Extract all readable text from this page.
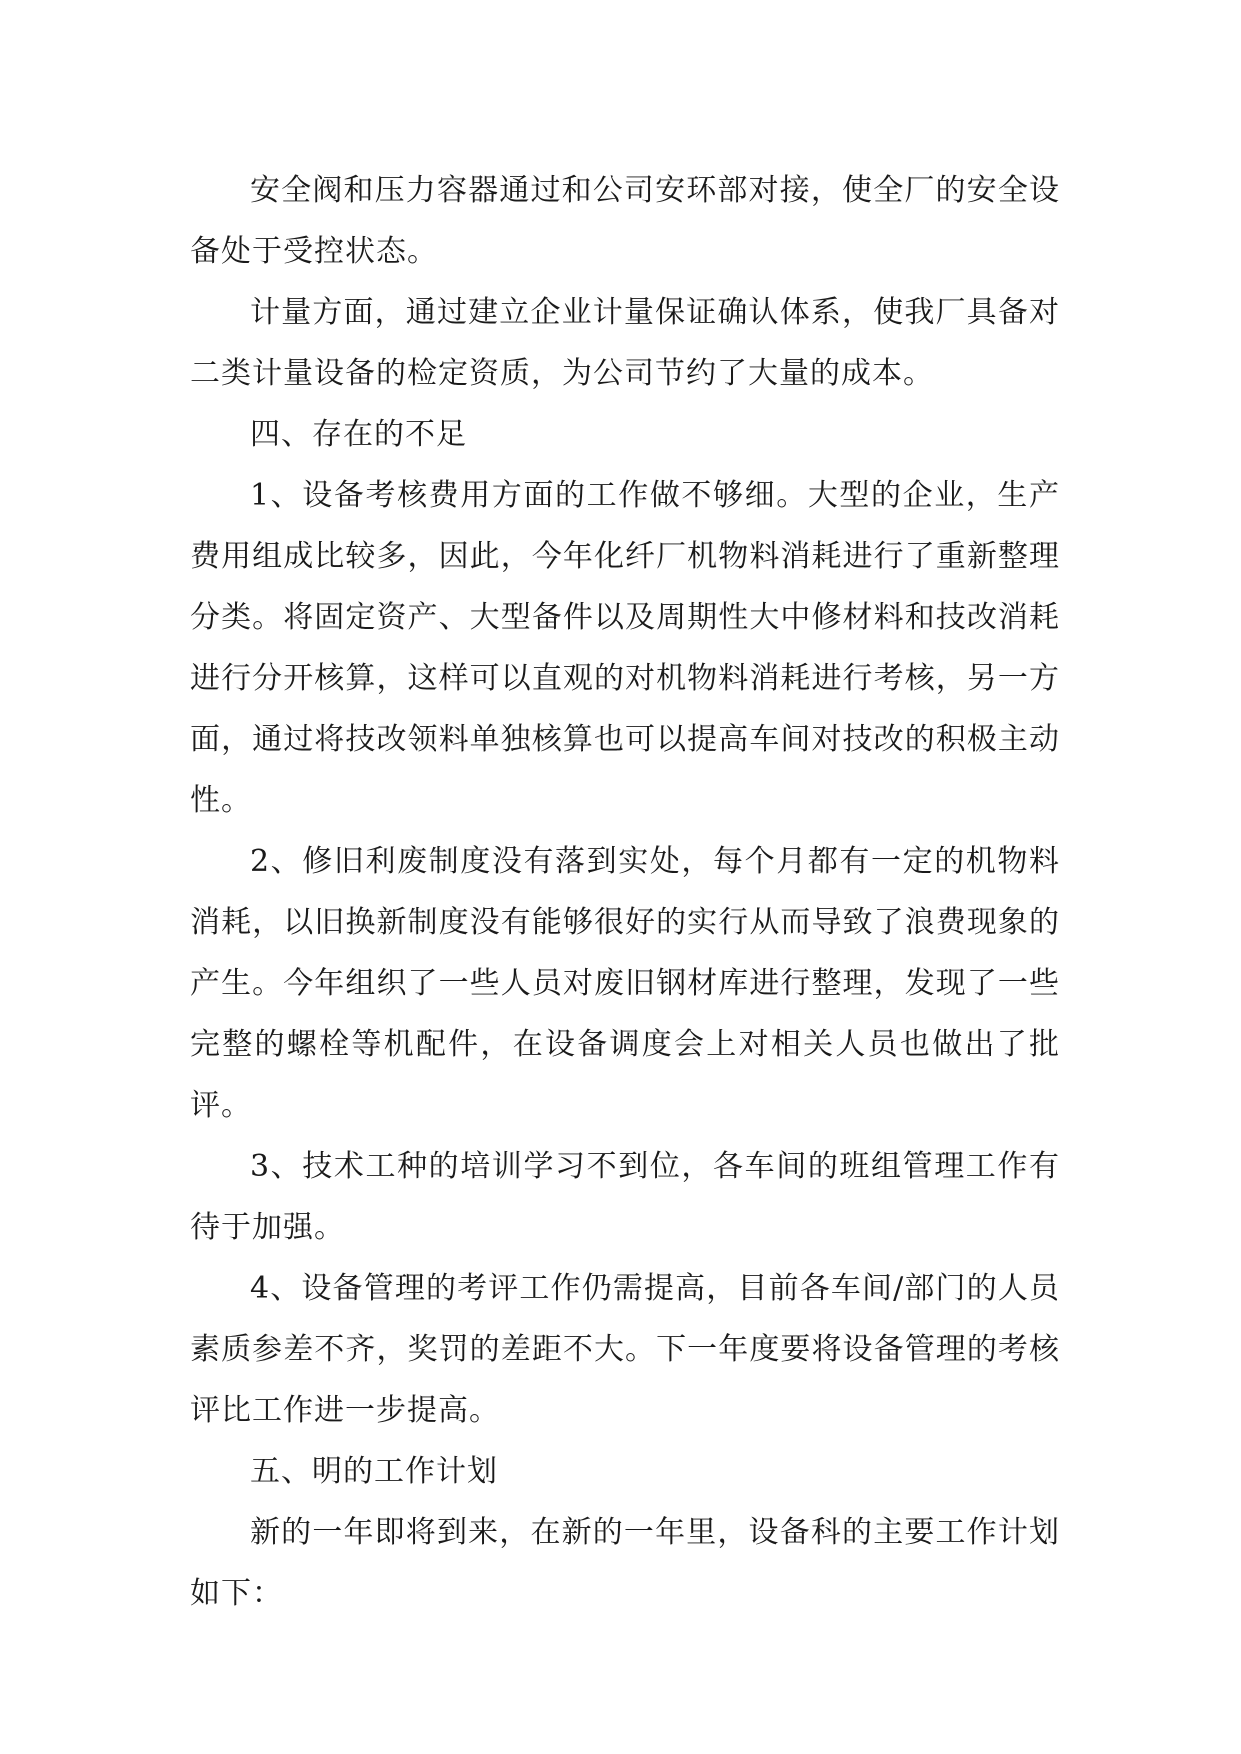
安全阀和压力容器通过和公司安环部对接，使全厂的安全设备处于受控状态。

计量方面，通过建立企业计量保证确认体系，使我厂具备对二类计量设备的检定资质，为公司节约了大量的成本。

四、存在的不足

1、设备考核费用方面的工作做不够细。大型的企业，生产费用组成比较多，因此，今年化纤厂机物料消耗进行了重新整理分类。将固定资产、大型备件以及周期性大中修材料和技改消耗进行分开核算，这样可以直观的对机物料消耗进行考核，另一方面，通过将技改领料单独核算也可以提高车间对技改的积极主动性。

2、修旧利废制度没有落到实处，每个月都有一定的机物料消耗，以旧换新制度没有能够很好的实行从而导致了浪费现象的产生。今年组织了一些人员对废旧钢材库进行整理，发现了一些完整的螺栓等机配件，在设备调度会上对相关人员也做出了批评。

3、技术工种的培训学习不到位，各车间的班组管理工作有待于加强。

4、设备管理的考评工作仍需提高，目前各车间/部门的人员素质参差不齐，奖罚的差距不大。下一年度要将设备管理的考核评比工作进一步提高。

五、明的工作计划

新的一年即将到来，在新的一年里，设备科的主要工作计划如下：
